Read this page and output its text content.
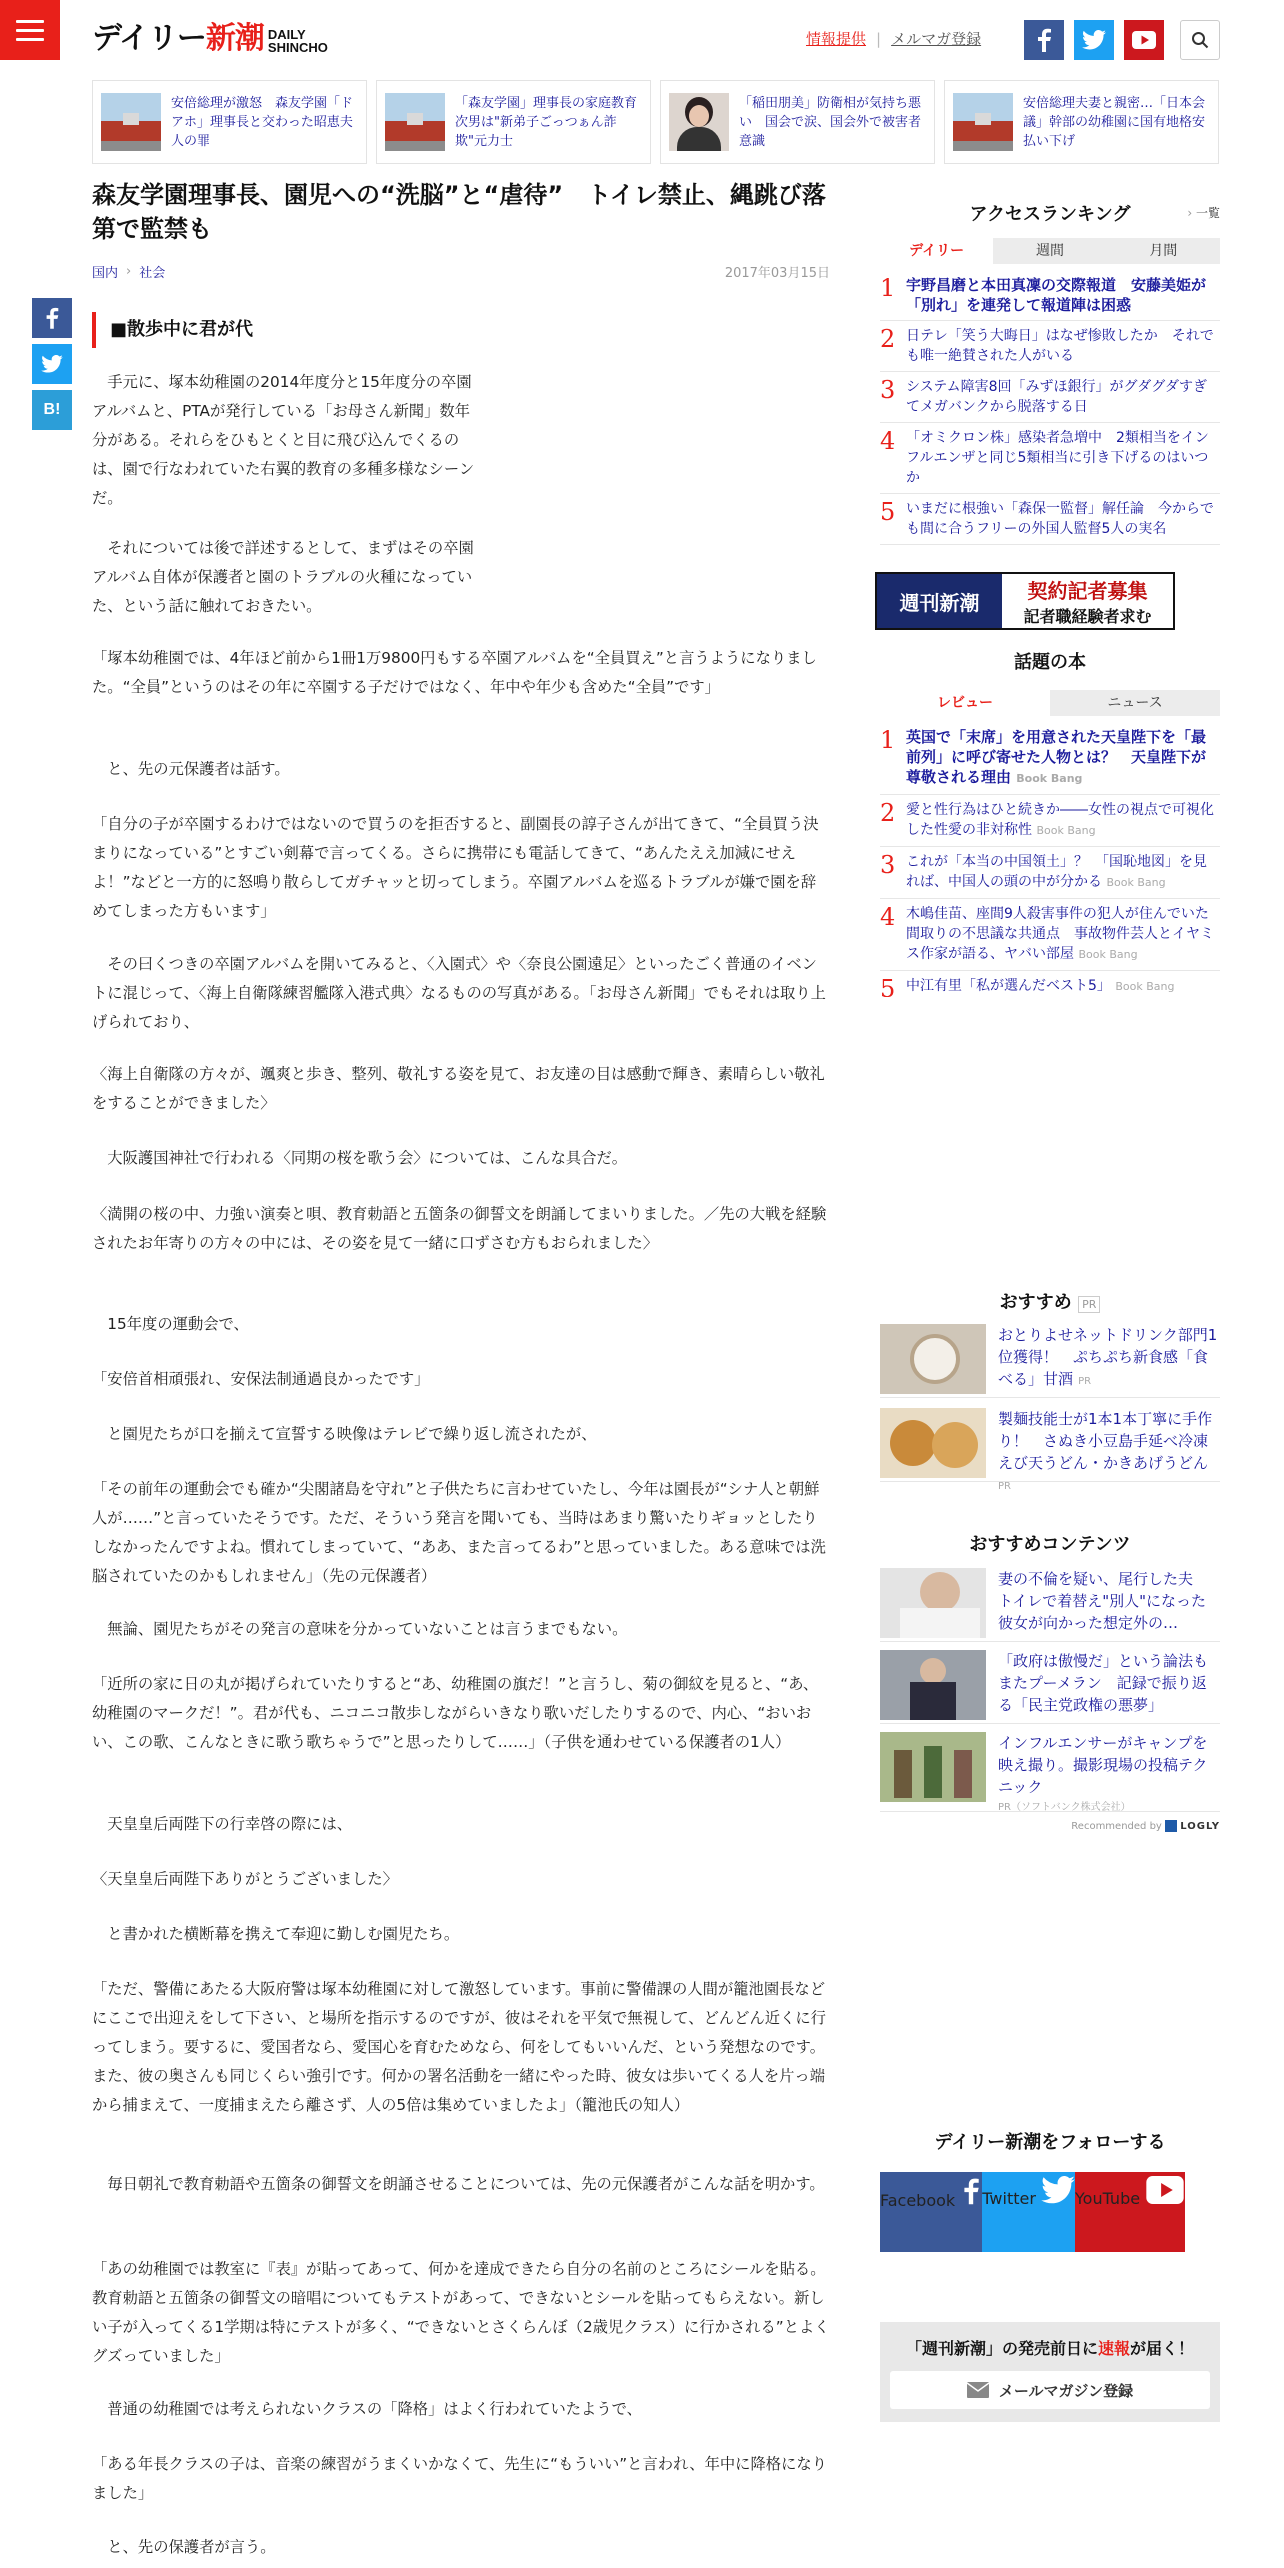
デイリー新潮 DAILY
SHINCHO	情報提供 | メルマガ登録
安倍総理が激怒　森友学園「ドアホ」理事長と交わった昭恵夫人の罪
「森友学園」理事長の家庭教育　次男は"新弟子ごっつぁん詐欺"元力士
「稲田朋美」防衛相が気持ち悪い　国会で涙、国会外で被害者意識
安倍総理夫妻と親密…「日本会議」幹部の幼稚園に国有地格安払い下げ
森友学園理事長、園児への“洗脳”と“虐待”　トイレ禁止、縄跳び落第で監禁も
国内 › 社会	2017年03月15日
B!
■散歩中に君が代

　手元に、塚本幼稚園の2014年度分と15年度分の卒園アルバムと、PTAが発行している「お母さん新聞」数年分がある。それらをひもとくと目に飛び込んでくるのは、園で行なわれていた右翼的教育の多種多様なシーンだ。

　それについては後で詳述するとして、まずはその卒園アルバム自体が保護者と園のトラブルの火種になっていた、という話に触れておきたい。

「塚本幼稚園では、4年ほど前から1冊1万9800円もする卒園アルバムを“全員買え”と言うようになりました。“全員”というのはその年に卒園する子だけではなく、年中や年少も含めた“全員”です」

　と、先の元保護者は話す。

「自分の子が卒園するわけではないので買うのを拒否すると、副園長の諄子さんが出てきて、“全員買う決まりになっている”とすごい剣幕で言ってくる。さらに携帯にも電話してきて、“あんたええ加減にせえよ！”などと一方的に怒鳴り散らしてガチャッと切ってしまう。卒園アルバムを巡るトラブルが嫌で園を辞めてしまった方もいます」

　その曰くつきの卒園アルバムを開いてみると、〈入園式〉や〈奈良公園遠足〉といったごく普通のイベントに混じって、〈海上自衛隊練習艦隊入港式典〉なるものの写真がある。「お母さん新聞」でもそれは取り上げられており、

〈海上自衛隊の方々が、颯爽と歩き、整列、敬礼する姿を見て、お友達の目は感動で輝き、素晴らしい敬礼をすることができました〉

　大阪護国神社で行われる〈同期の桜を歌う会〉については、こんな具合だ。

〈満開の桜の中、力強い演奏と唄、教育勅語と五箇条の御誓文を朗誦してまいりました。／先の大戦を経験されたお年寄りの方々の中には、その姿を見て一緒に口ずさむ方もおられました〉

　15年度の運動会で、

「安倍首相頑張れ、安保法制通過良かったです」

　と園児たちが口を揃えて宣誓する映像はテレビで繰り返し流されたが、

「その前年の運動会でも確か“尖閣諸島を守れ”と子供たちに言わせていたし、今年は園長が“シナ人と朝鮮人が……”と言っていたそうです。ただ、そういう発言を聞いても、当時はあまり驚いたりギョッとしたりしなかったんですよね。慣れてしまっていて、“ああ、また言ってるわ”と思っていました。ある意味では洗脳されていたのかもしれません」（先の元保護者）

　無論、園児たちがその発言の意味を分かっていないことは言うまでもない。

「近所の家に日の丸が掲げられていたりすると“あ、幼稚園の旗だ！”と言うし、菊の御紋を見ると、“あ、幼稚園のマークだ！”。君が代も、ニコニコ散歩しながらいきなり歌いだしたりするので、内心、“おいおい、この歌、こんなときに歌う歌ちゃうで”と思ったりして……」（子供を通わせている保護者の1人）

　天皇皇后両陛下の行幸啓の際には、

〈天皇皇后両陛下ありがとうございました〉

　と書かれた横断幕を携えて奉迎に勤しむ園児たち。

「ただ、警備にあたる大阪府警は塚本幼稚園に対して激怒しています。事前に警備課の人間が籠池園長などにここで出迎えをして下さい、と場所を指示するのですが、彼はそれを平気で無視して、どんどん近くに行ってしまう。要するに、愛国者なら、愛国心を育むためなら、何をしてもいいんだ、という発想なのです。また、彼の奥さんも同じくらい強引です。何かの署名活動を一緒にやった時、彼女は歩いてくる人を片っ端から捕まえて、一度捕まえたら離さず、人の5倍は集めていましたよ」（籠池氏の知人）

　毎日朝礼で教育勅語や五箇条の御誓文を朗誦させることについては、先の元保護者がこんな話を明かす。

「あの幼稚園では教室に『表』が貼ってあって、何かを達成できたら自分の名前のところにシールを貼る。教育勅語と五箇条の御誓文の暗唱についてもテストがあって、できないとシールを貼ってもらえない。新しい子が入ってくる1学期は特にテストが多く、“できないとさくらんぼ（2歳児クラス）に行かされる”とよくグズっていました」

　普通の幼稚園では考えられないクラスの「降格」はよく行われていたようで、

「ある年長クラスの子は、音楽の練習がうまくいかなくて、先生に“もういい”と言われ、年中に降格になりました」

　と、先の保護者が言う。

アクセスランキング	› 一覧
デイリー	週間	月間
1 宇野昌磨と本田真凜の交際報道　安藤美姫が「別れ」を連発して報道陣は困惑
2 日テレ「笑う大晦日」はなぜ惨敗したか　それでも唯一絶賛された人がいる
3 システム障害8回「みずほ銀行」がグダグダすぎてメガバンクから脱落する日
4 「オミクロン株」感染者急増中　2類相当をインフルエンザと同じ5類相当に引き下げるのはいつか
5 いまだに根強い「森保一監督」解任論　今からでも間に合うフリーの外国人監督5人の実名
週刊新潮	契約記者募集
記者職経験者求む
話題の本
レビュー	ニュース
1 英国で「末席」を用意された天皇陛下を「最前列」に呼び寄せた人物とは？　天皇陛下が尊敬される理由 Book Bang
2 愛と性行為はひと続きか――女性の視点で可視化した性愛の非対称性 Book Bang
3 これが「本当の中国領土」？　「国恥地図」を見れば、中国人の頭の中が分かる Book Bang
4 木嶋佳苗、座間9人殺害事件の犯人が住んでいた間取りの不思議な共通点　事故物件芸人とイヤミス作家が語る、ヤバい部屋 Book Bang
5 中江有里「私が選んだベスト5」 Book Bang
おすすめ PR
おとりよせネットドリンク部門1位獲得！　ぷちぷち新食感「食べる」甘酒 PR
製麺技能士が1本1本丁寧に手作り！　さぬき小豆島手延べ冷凍えび天うどん・かきあげうどん PR
おすすめコンテンツ
妻の不倫を疑い、尾行した夫　トイレで着替え"別人"になった彼女が向かった想定外の…
「政府は傲慢だ」という論法もまたプーメラン　記録で振り返る「民主党政権の悪夢」
インフルエンサーがキャンプを映え撮り。撮影現場の投稿テクニック
PR（ソフトバンク株式会社）
Recommended by LOGLY
デイリー新潮をフォローする
Facebook	Twitter	YouTube
「週刊新潮」の発売前日に速報が届く！
メールマガジン登録
